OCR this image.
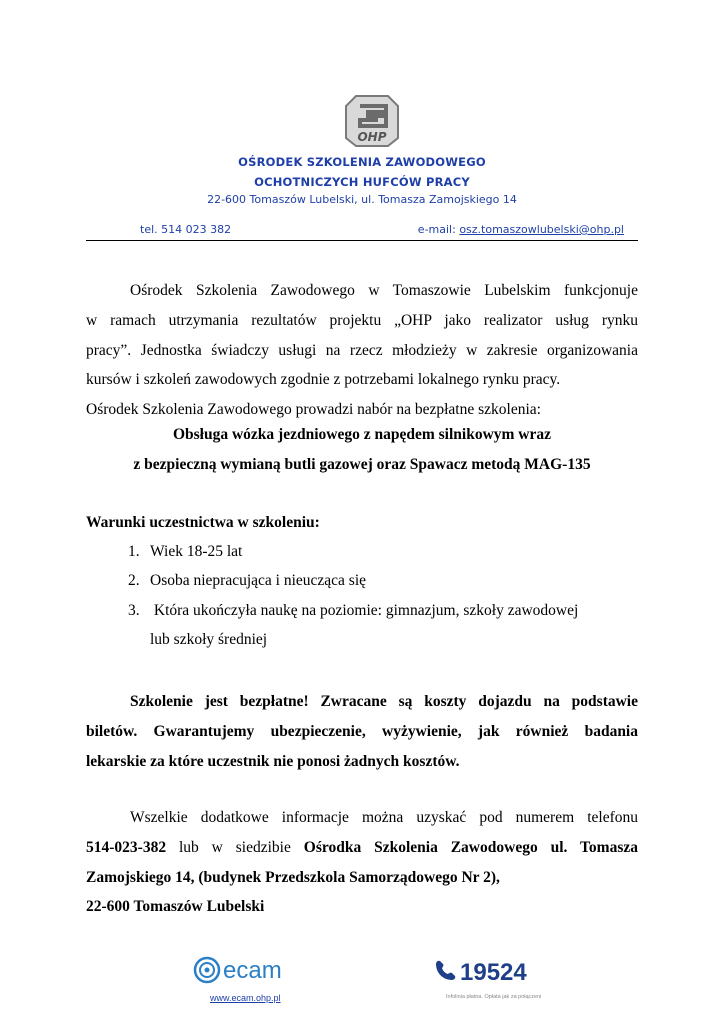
OHP
OŚRODEK SZKOLENIA ZAWODOWEGO
OCHOTNICZYCH HUFCÓW PRACY
22-600 Tomaszów Lubelski, ul. Tomasza Zamojskiego 14
tel. 514 023 382	e-mail: osz.tomaszowlubelski@ohp.pl
Ośrodek Szkolenia Zawodowego w Tomaszowie Lubelskim funkcjonuje
w ramach utrzymania rezultatów projektu „OHP jako realizator usług rynku
pracy”. Jednostka świadczy usługi na rzecz młodzieży w zakresie organizowania
kursów i szkoleń zawodowych zgodnie z potrzebami lokalnego rynku pracy.
Ośrodek Szkolenia Zawodowego prowadzi nabór na bezpłatne szkolenia:
Obsługa wózka jezdniowego z napędem silnikowym wraz
z bezpieczną wymianą butli gazowej oraz Spawacz metodą MAG-135
Warunki uczestnictwa w szkoleniu:
1. Wiek 18-25 lat
2. Osoba niepracująca i nieucząca się
3. Która ukończyła naukę na poziomie: gimnazjum, szkoły zawodowej
lub szkoły średniej
Szkolenie jest bezpłatne! Zwracane są koszty dojazdu na podstawie
biletów. Gwarantujemy ubezpieczenie, wyżywienie, jak również badania
lekarskie za które uczestnik nie ponosi żadnych kosztów.
Wszelkie dodatkowe informacje można uzyskać pod numerem telefonu
514-023-382 lub w siedzibie Ośrodka Szkolenia Zawodowego ul. Tomasza
Zamojskiego 14, (budynek Przedszkola Samorządowego Nr 2),
22-600 Tomaszów Lubelski
ecam
www.ecam.ohp.pl
19524
Infolinia płatna. Opłata jak za połączeni
